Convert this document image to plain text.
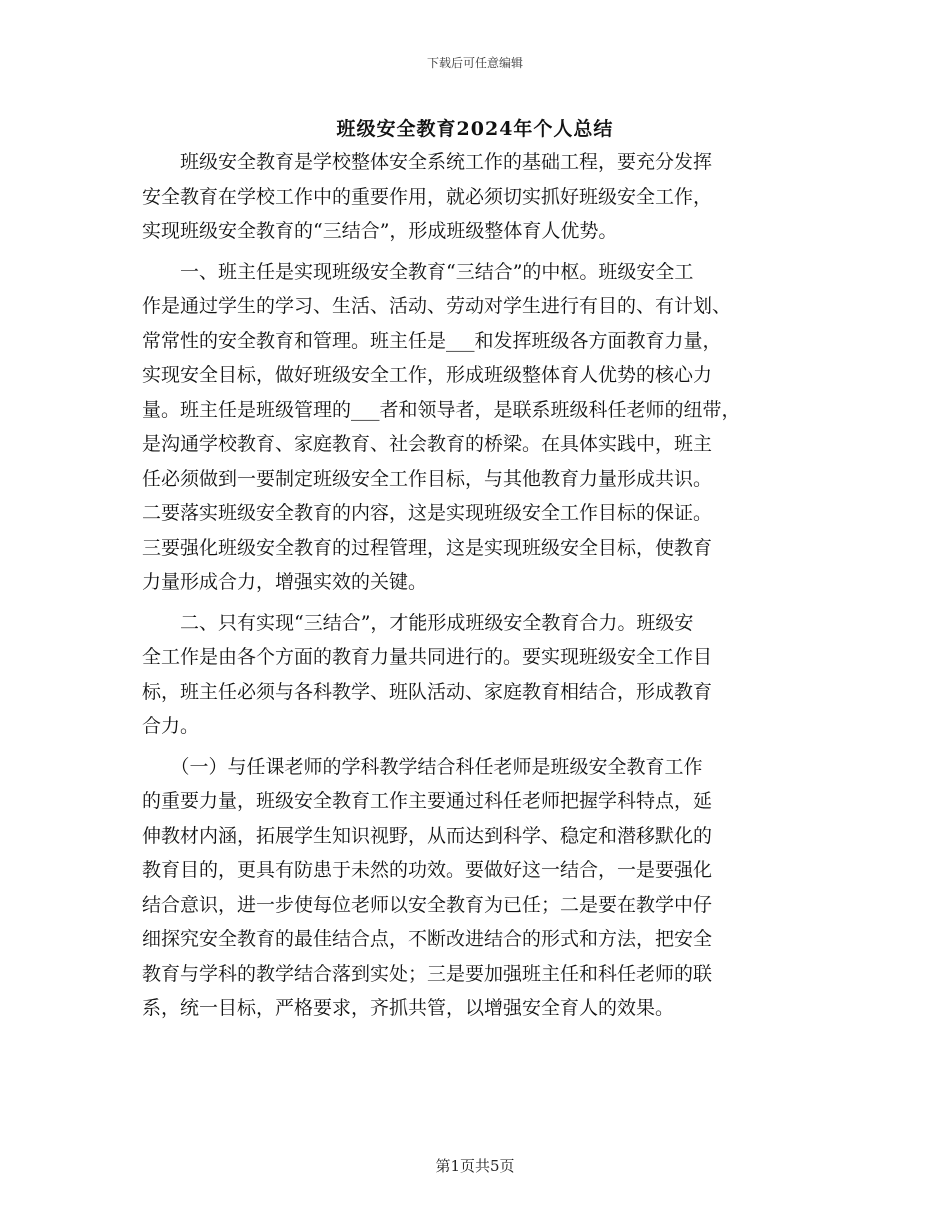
下载后可任意编辑
班级安全教育2024年个人总结
　　班级安全教育是学校整体安全系统工作的基础工程，要充分发挥
安全教育在学校工作中的重要作用，就必须切实抓好班级安全工作，
实现班级安全教育的“三结合”，形成班级整体育人优势。
　　一、班主任是实现班级安全教育“三结合”的中枢。班级安全工
作是通过学生的学习、生活、活动、劳动对学生进行有目的、有计划、
常常性的安全教育和管理。班主任是___和发挥班级各方面教育力量，
实现安全目标，做好班级安全工作，形成班级整体育人优势的核心力
量。班主任是班级管理的___者和领导者，是联系班级科任老师的纽带，
是沟通学校教育、家庭教育、社会教育的桥梁。在具体实践中，班主
任必须做到一要制定班级安全工作目标，与其他教育力量形成共识。
二要落实班级安全教育的内容，这是实现班级安全工作目标的保证。
三要强化班级安全教育的过程管理，这是实现班级安全目标，使教育
力量形成合力，增强实效的关键。
　　二、只有实现“三结合”，才能形成班级安全教育合力。班级安
全工作是由各个方面的教育力量共同进行的。要实现班级安全工作目
标，班主任必须与各科教学、班队活动、家庭教育相结合，形成教育
合力。
　　（一）与任课老师的学科教学结合科任老师是班级安全教育工作
的重要力量，班级安全教育工作主要通过科任老师把握学科特点，延
伸教材内涵，拓展学生知识视野，从而达到科学、稳定和潜移默化的
教育目的，更具有防患于未然的功效。要做好这一结合，一是要强化
结合意识，进一步使每位老师以安全教育为已任；二是要在教学中仔
细探究安全教育的最佳结合点，不断改进结合的形式和方法，把安全
教育与学科的教学结合落到实处；三是要加强班主任和科任老师的联
系，统一目标，严格要求，齐抓共管，以增强安全育人的效果。
第1页共5页
